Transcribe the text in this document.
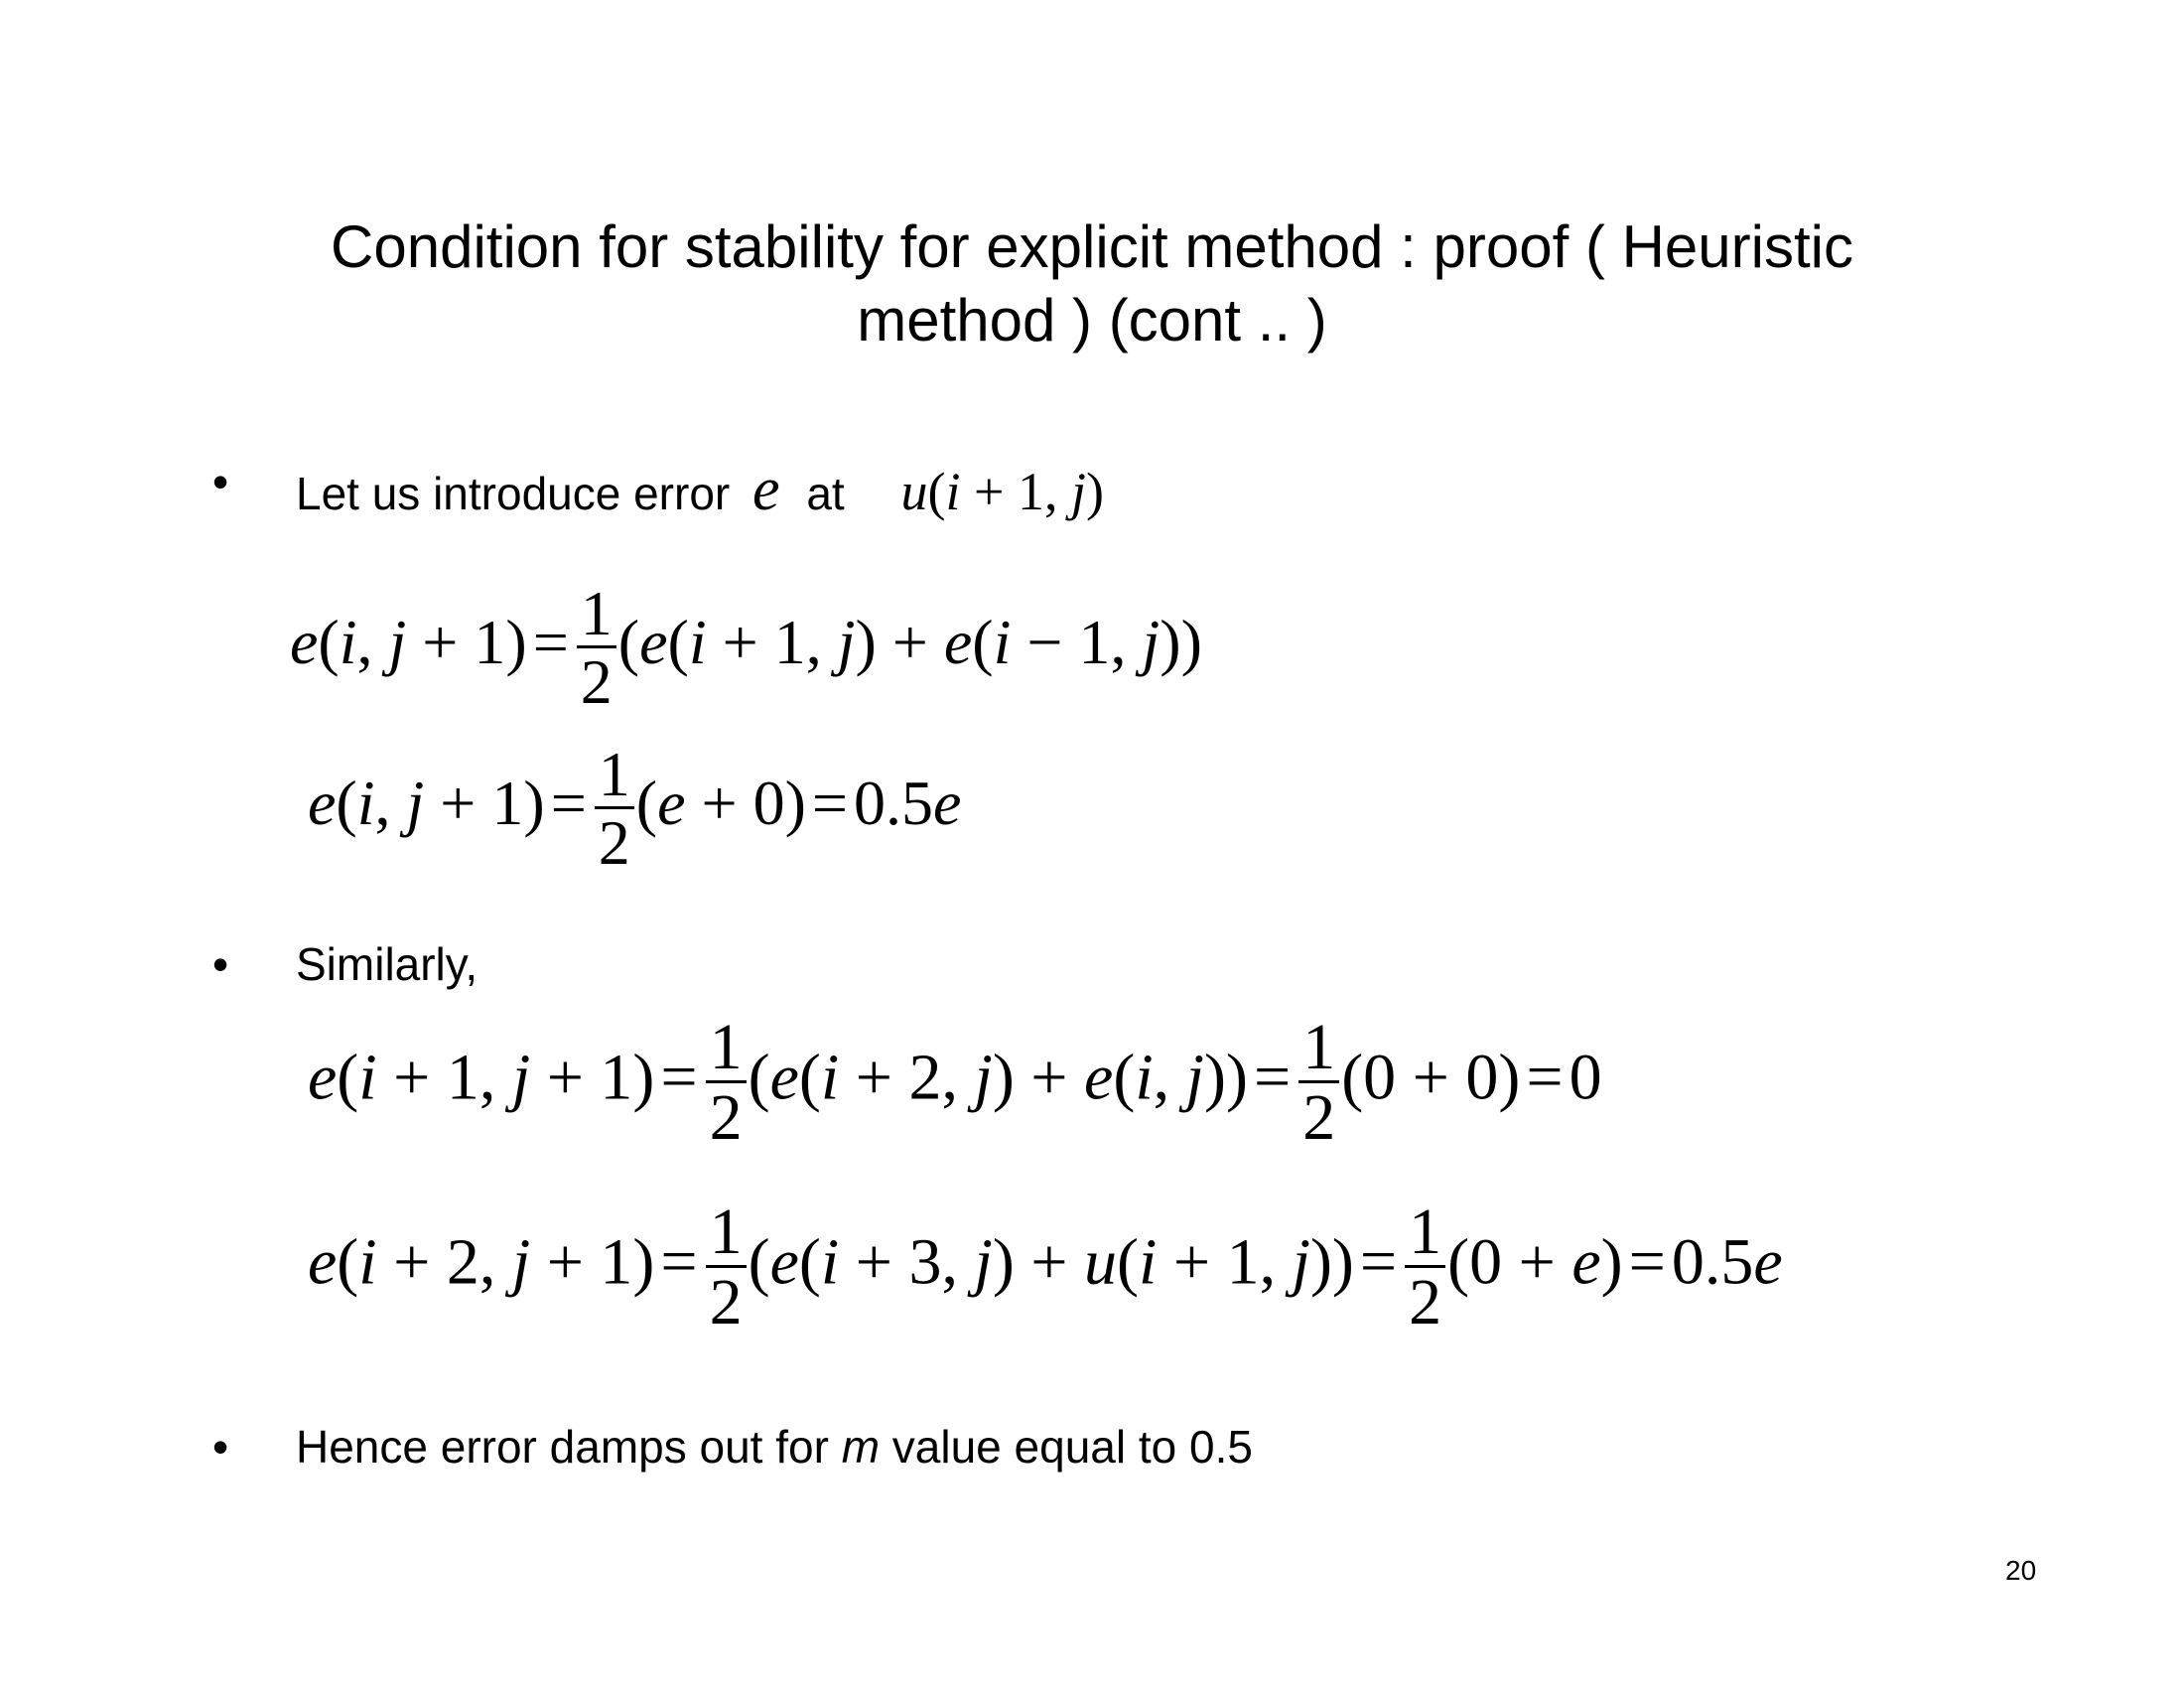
Condition for stability for explicit method : proof ( Heuristic method ) (cont .. )
• Let us introduce error e at u(i + 1, j)
e(i, $j + 1)= \frac{1}{2} (e(i + 1$, j) + e(i − 1, j))
e(i, $j + 1)= \frac{1}{2} (e + 0)=0.5e$
• Similarly,
e(i + 1, $j + 1)= \frac{1}{2} (e(i + 2$, j) + e(i, $j))= \frac{1}{2} (0 + 0)=0$
e(i + 2, $j + 1)= \frac{1}{2} (e(i + 3$, j) + u(i + 1, $j))= \frac{1}{2} (0 + e)=0.5e$
• Hence error damps out for m value equal to 0.5
20
